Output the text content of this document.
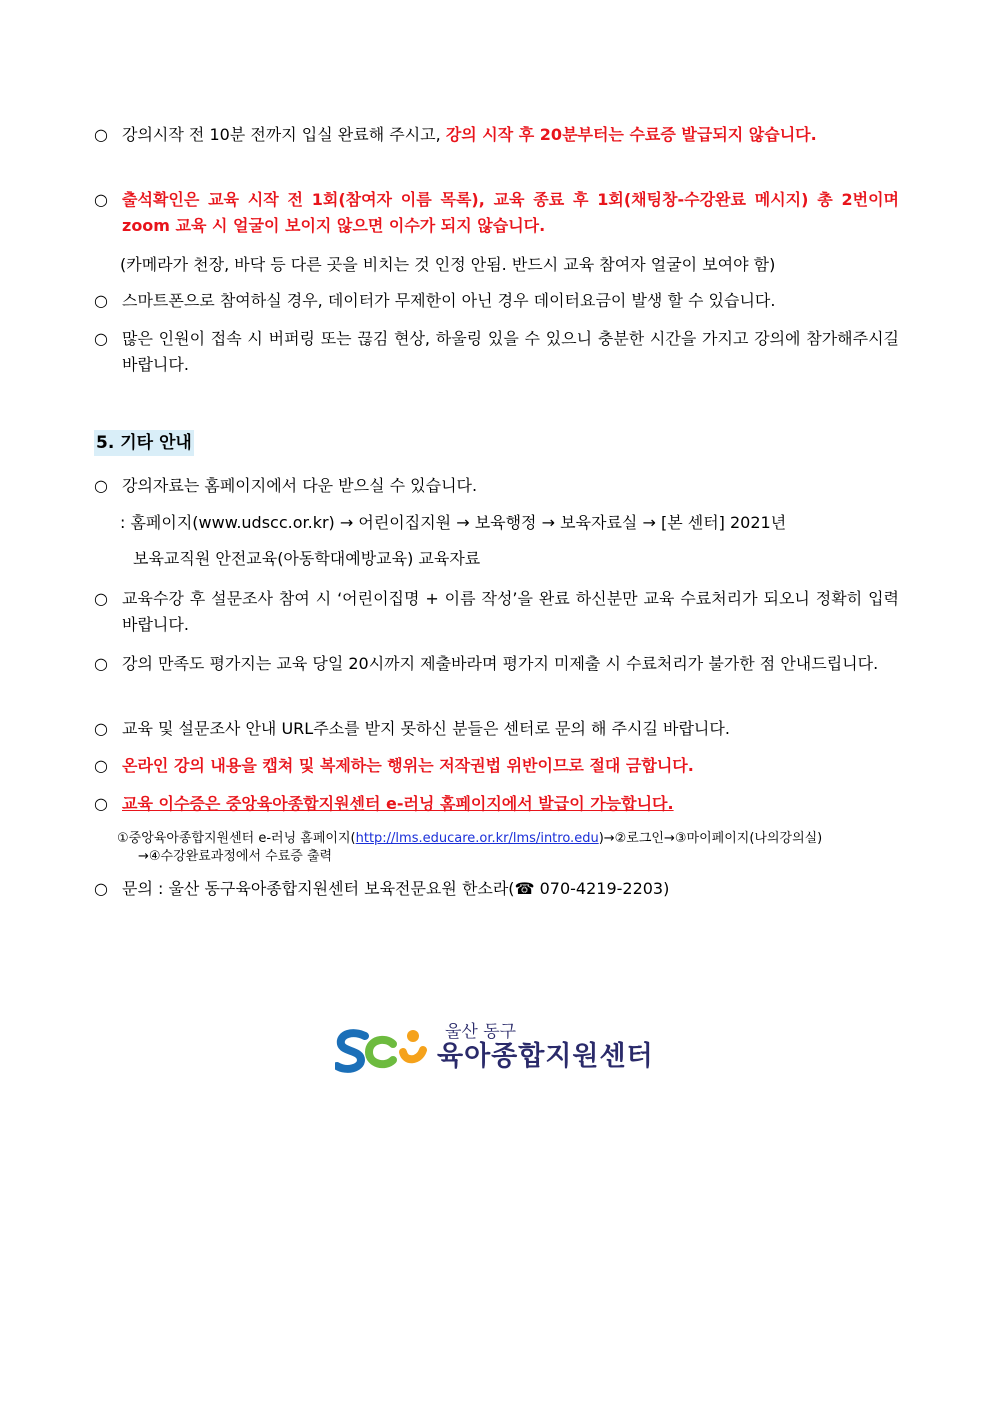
○ 강의시작 전 10분 전까지 입실 완료해 주시고, 강의 시작 후 20분부터는 수료증 발급되지 않습니다.
○ 출석확인은 교육 시작 전 1회(참여자 이름 목록), 교육 종료 후 1회(채팅창-수강완료 메시지) 총 2번이며 zoom 교육 시 얼굴이 보이지 않으면 이수가 되지 않습니다.
(카메라가 천장, 바닥 등 다른 곳을 비치는 것 인정 안됨. 반드시 교육 참여자 얼굴이 보여야 함)
○ 스마트폰으로 참여하실 경우, 데이터가 무제한이 아닌 경우 데이터요금이 발생 할 수 있습니다.
○ 많은 인원이 접속 시 버퍼링 또는 끊김 현상, 하울링 있을 수 있으니 충분한 시간을 가지고 강의에 참가해주시길 바랍니다.
5. 기타 안내
○ 강의자료는 홈페이지에서 다운 받으실 수 있습니다.
: 홈페이지(www.udscc.or.kr) → 어린이집지원 → 보육행정 → 보육자료실 → [본 센터] 2021년
보육교직원 안전교육(아동학대예방교육) 교육자료
○ 교육수강 후 설문조사 참여 시 ‘어린이집명 + 이름 작성’을 완료 하신분만 교육 수료처리가 되오니 정확히 입력 바랍니다.
○ 강의 만족도 평가지는 교육 당일 20시까지 제출바라며 평가지 미제출 시 수료처리가 불가한 점 안내드립니다.
○ 교육 및 설문조사 안내 URL주소를 받지 못하신 분들은 센터로 문의 해 주시길 바랍니다.
○ 온라인 강의 내용을 캡쳐 및 복제하는 행위는 저작권법 위반이므로 절대 금합니다.
○ 교육 이수증은 중앙육아종합지원센터 e-러닝 홈페이지에서 발급이 가능합니다.
①중앙육아종합지원센터 e-러닝 홈페이지(http://lms.educare.or.kr/lms/intro.edu)→②로그인→③마이페이지(나의강의실)
→④수강완료과정에서 수료증 출력
○ 문의 : 울산 동구육아종합지원센터 보육전문요원 한소라(☎ 070-4219-2203)
울산 동구
육아종합지원센터
